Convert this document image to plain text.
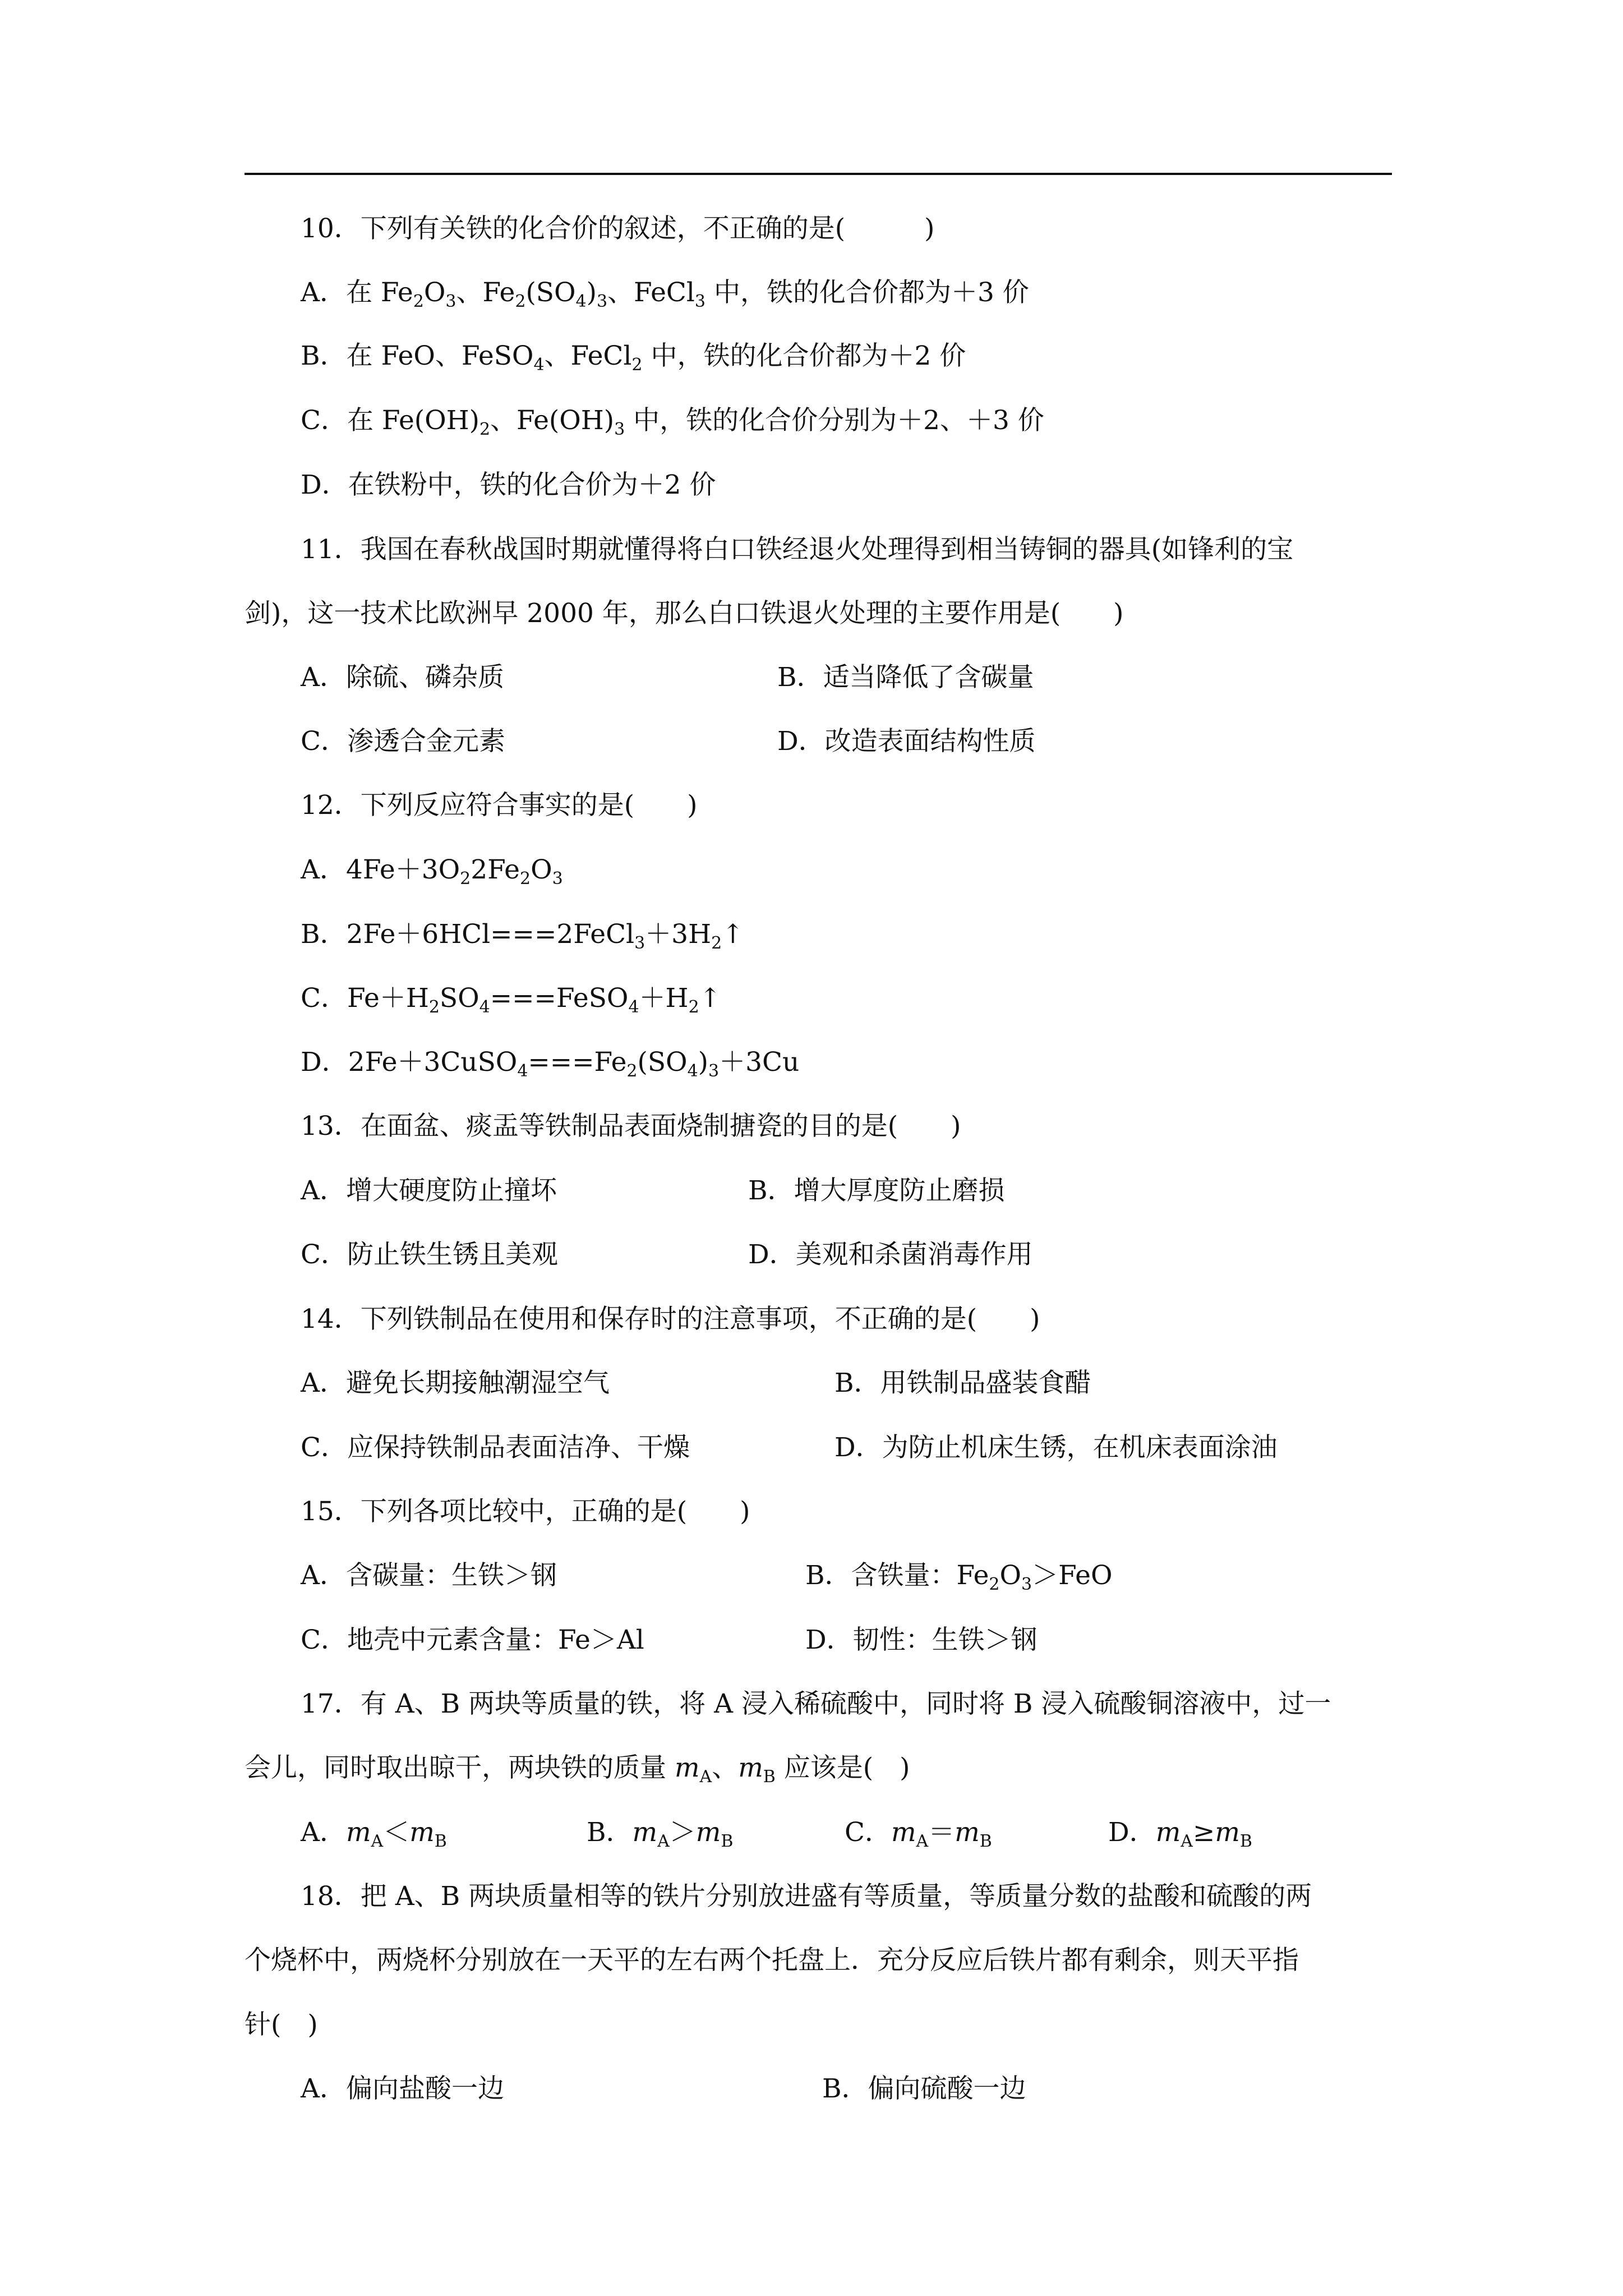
10．下列有关铁的化合价的叙述，不正确的是(　　　)
A．在 $Fe_2O_3$、$Fe_2(SO_4)_3$、FeCl$_3$ 中，铁的化合价都为＋3 价
B．在 FeO、FeSO$_4$、FeCl$_2$ 中，铁的化合价都为＋2 价
C．在 $Fe(OH)_2$、$Fe(OH)_3$ 中，铁的化合价分别为＋2、＋3 价
D．在铁粉中，铁的化合价为＋2 价
11．我国在春秋战国时期就懂得将白口铁经退火处理得到相当铸铜的器具(如锋利的宝
剑)，这一技术比欧洲早 2000 年，那么白口铁退火处理的主要作用是(　　)
A．除硫、磷杂质	B．适当降低了含碳量
C．渗透合金元素	D．改造表面结构性质
12．下列反应符合事实的是(　　)
A．$4Fe+3O_22Fe_2O_3$
B．$2Fe+6HCl===2FeCl_3+3H_2↑$
C．$Fe+H_2SO_4===FeSO_4+H_2↑$
D．$2Fe+3CuSO_4===Fe_2(SO_4)_3+3Cu$
13．在面盆、痰盂等铁制品表面烧制搪瓷的目的是(　　)
A．增大硬度防止撞坏	B．增大厚度防止磨损
C．防止铁生锈且美观	D．美观和杀菌消毒作用
14．下列铁制品在使用和保存时的注意事项，不正确的是(　　)
A．避免长期接触潮湿空气	B．用铁制品盛装食醋
C．应保持铁制品表面洁净、干燥	D．为防止机床生锈，在机床表面涂油
15．下列各项比较中，正确的是(　　)
A．含碳量：生铁＞钢	B．含铁量：$Fe_2O_3>FeO$
C．地壳中元素含量：Fe＞Al	D．韧性：生铁＞钢
17．有 A、B 两块等质量的铁，将 A 浸入稀硫酸中，同时将 B 浸入硫酸铜溶液中，过一
会儿，同时取出晾干，两块铁的质量 $m_A$、$m_B$ 应该是(　)
A．$m_A<m_B$	B．$m_A>m_B$	C．$m_A=m_B$	D．$m_A\ge m_B$
18．把 A、B 两块质量相等的铁片分别放进盛有等质量，等质量分数的盐酸和硫酸的两
个烧杯中，两烧杯分别放在一天平的左右两个托盘上．充分反应后铁片都有剩余，则天平指
针(　)
A．偏向盐酸一边	B．偏向硫酸一边
